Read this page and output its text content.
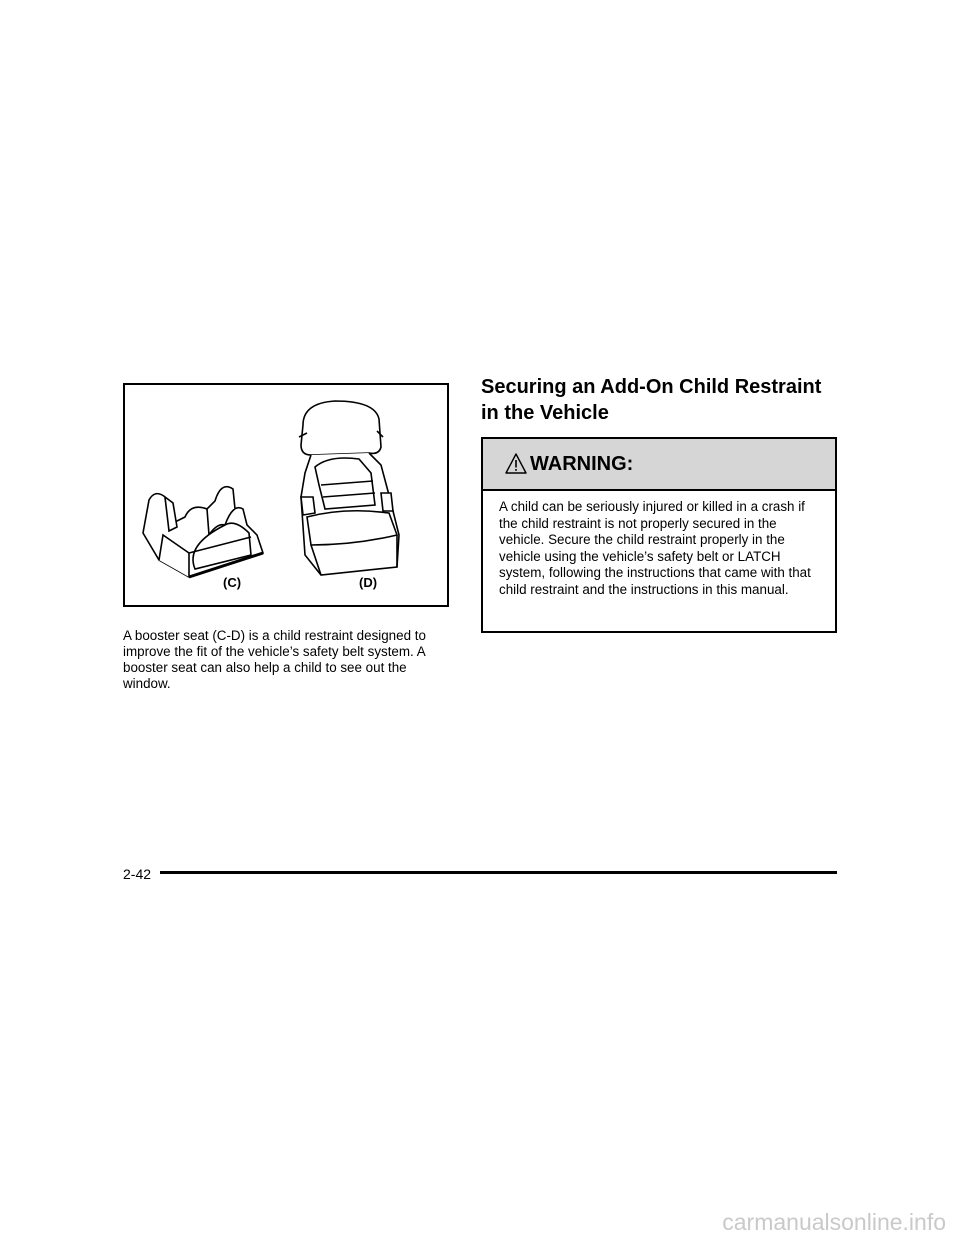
(C)	(D)

A booster seat (C-D) is a child restraint designed to improve the fit of the vehicle’s safety belt system. A booster seat can also help a child to see out the window.

Securing an Add-On Child Restraint in the Vehicle
WARNING:
A child can be seriously injured or killed in a crash if the child restraint is not properly secured in the vehicle. Secure the child restraint properly in the vehicle using the vehicle’s safety belt or LATCH system, following the instructions that came with that child restraint and the instructions in this manual.
2-42
carmanualsonline.info
